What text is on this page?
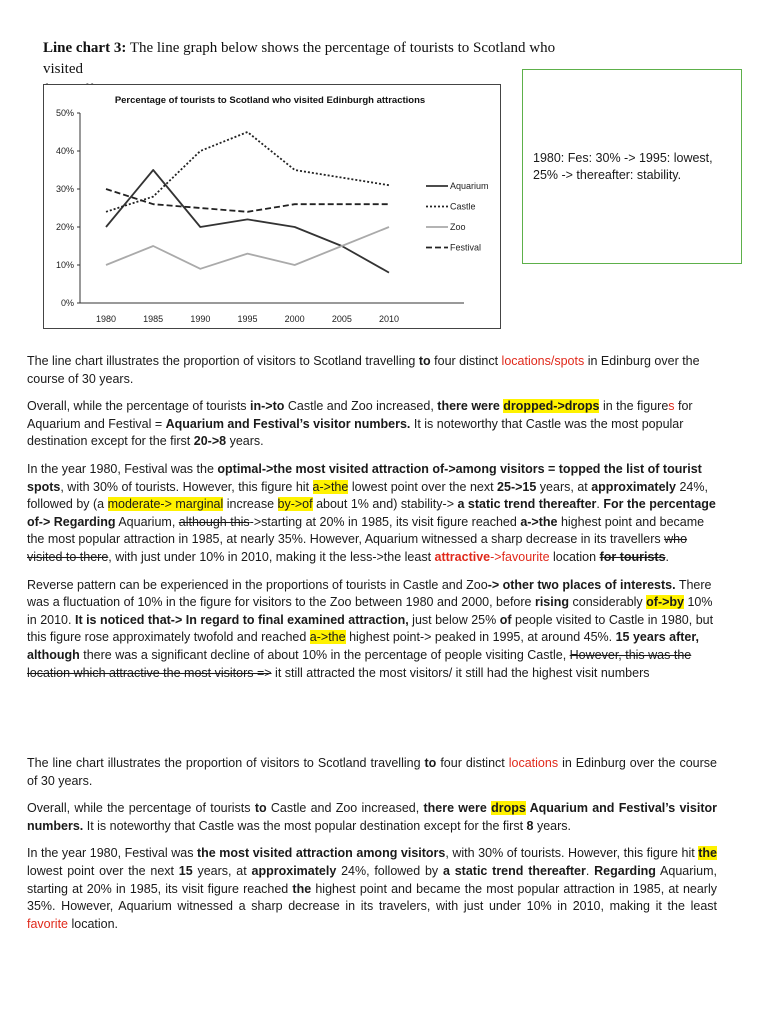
Line chart 3: The line graph below shows the percentage of tourists to Scotland who visited

Percentage of tourists to Scotland who visited Edinburgh attractions
0%
10%
20%
30%
40%
50%
1980	1985	1990	1995	2000	2005	2010
Aquarium
Castle
Zoo
Festival
1980: Fes: 30% -> 1995: lowest, 25% -> thereafter: stability.

The line chart illustrates the proportion of visitors to Scotland travelling to four distinct locations/spots in Edinburg over the course of 30 years.

Overall, while the percentage of tourists in->to Castle and Zoo increased, there were dropped->drops in the figures for Aquarium and Festival = Aquarium and Festival’s visitor numbers. It is noteworthy that Castle was the most popular destination except for the first 20->8 years.

In the year 1980, Festival was the optimal->the most visited attraction of->among visitors = topped the list of tourist spots, with 30% of tourists. However, this figure hit a->the lowest point over the next 25->15 years, at approximately 24%, followed by (a moderate-> marginal increase by->of about 1% and) stability-> a static trend thereafter. For the percentage of-> Regarding Aquarium, although this->starting at 20% in 1985, its visit figure reached a->the highest point and became the most popular attraction in 1985, at nearly 35%. However, Aquarium witnessed a sharp decrease in its travellers who visited to there, with just under 10% in 2010, making it the less->the least attractive->favourite location for tourists.

Reverse pattern can be experienced in the proportions of tourists in Castle and Zoo-> other two places of interests. There was a fluctuation of 10% in the figure for visitors to the Zoo between 1980 and 2000, before rising considerably of->by 10% in 2010. It is noticed that-> In regard to final examined attraction, just below 25% of people visited to Castle in 1980, but this figure rose approximately twofold and reached a->the highest point-> peaked in 1995, at around 45%. 15 years after, although there was a significant decline of about 10% in the percentage of people visiting Castle, However, this was the location which attractive the most visitors => it still attracted the most visitors/ it still had the highest visit numbers

The line chart illustrates the proportion of visitors to Scotland travelling to four distinct locations in Edinburg over the course of 30 years.

Overall, while the percentage of tourists to Castle and Zoo increased, there were drops Aquarium and Festival’s visitor numbers. It is noteworthy that Castle was the most popular destination except for the first 8 years.

In the year 1980, Festival was the most visited attraction among visitors, with 30% of tourists. However, this figure hit the lowest point over the next 15 years, at approximately 24%, followed by a static trend thereafter. Regarding Aquarium, starting at 20% in 1985, its visit figure reached the highest point and became the most popular attraction in 1985, at nearly 35%. However, Aquarium witnessed a sharp decrease in its travelers, with just under 10% in 2010, making it the least favorite location.
